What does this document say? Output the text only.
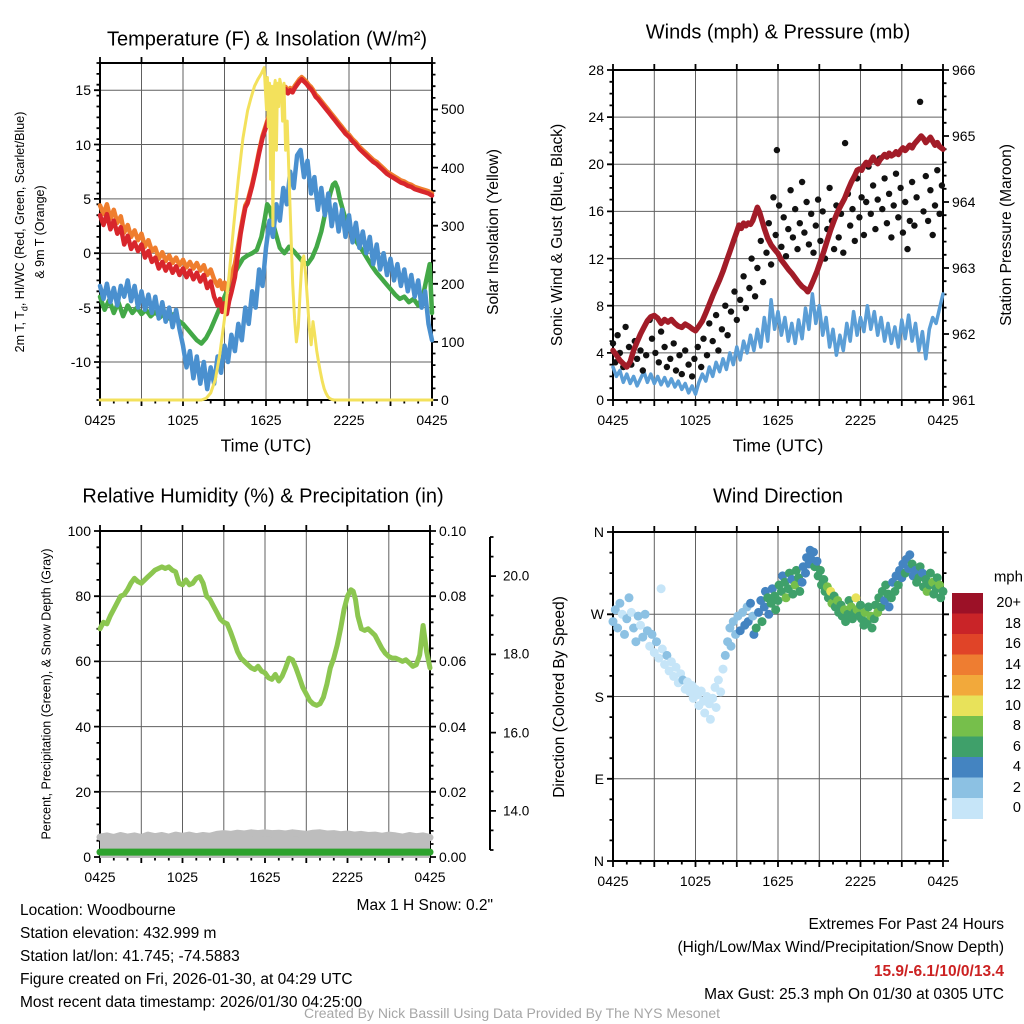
-10
-5
0
5
10
15
0
100
200
300
400
500
0425	1025	1625	2225	0425
0
4
8
12
16
20
24
28
961
962
963
964
965
966
0425	1025	1625	2225	0425
0
20
40
60
80
100
0.00
0.02
0.04
0.06
0.08
0.10
14.0
16.0
18.0
20.0
0425	1025	1625	2225	0425
N
W
S
E
N
0425	1025	1625	2225	0425
20+
18
16
14
12
10
8
6
4
2
0
Temperature (F) & Insolation (W/m²)	Winds (mph) & Pressure (mb)
Relative Humidity (%) & Precipitation (in)	Wind Direction
Time (UTC)	Time (UTC)
2m T, $T_d$, HI/WC (Red, Green, Scarlet/Blue) & 9m T (Orange)	Solar Insolation (Yellow)	Sonic Wind & Gust (Blue, Black)	Station Pressure (Maroon)
Percent, Precipitation (Green), & Snow Depth (Gray)	Direction (Colored By Speed)
mph
Location: Woodbourne
Station elevation: 432.999 m
Station lat/lon: 41.745; -74.5883
Figure created on Fri, 2026-01-30, at 04:29 UTC
Most recent data timestamp: 2026/01/30 04:25:00
Max 1 H Snow: 0.2"
Extremes For Past 24 Hours
(High/Low/Max Wind/Precipitation/Snow Depth)
15.9/-6.1/10/0/13.4
Max Gust: 25.3 mph On 01/30 at 0305 UTC
Created By Nick Bassill Using Data Provided By The NYS Mesonet
